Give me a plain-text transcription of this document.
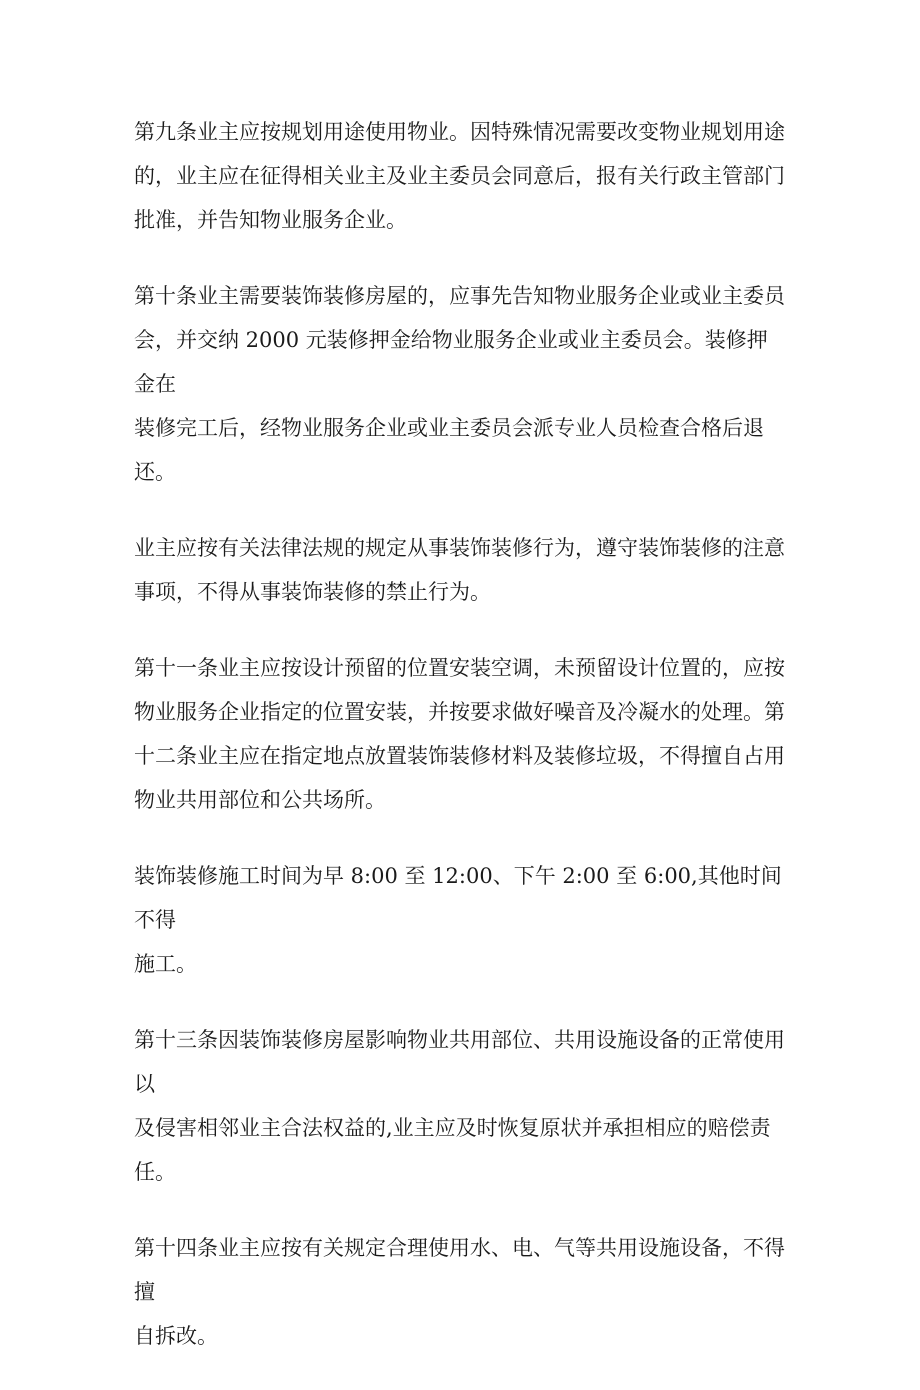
第九条业主应按规划用途使用物业。因特殊情况需要改变物业规划用途
的，业主应在征得相关业主及业主委员会同意后，报有关行政主管部门
批准，并告知物业服务企业。

第十条业主需要装饰装修房屋的，应事先告知物业服务企业或业主委员
会，并交纳 2000 元装修押金给物业服务企业或业主委员会。装修押金在
装修完工后，经物业服务企业或业主委员会派专业人员检查合格后退
还。

业主应按有关法律法规的规定从事装饰装修行为，遵守装饰装修的注意
事项，不得从事装饰装修的禁止行为。

第十一条业主应按设计预留的位置安装空调，未预留设计位置的，应按
物业服务企业指定的位置安装，并按要求做好噪音及冷凝水的处理。第
十二条业主应在指定地点放置装饰装修材料及装修垃圾，不得擅自占用
物业共用部位和公共场所。

装饰装修施工时间为早 8:00 至 12:00、下午 2:00 至 6:00,其他时间不得
施工。

第十三条因装饰装修房屋影响物业共用部位、共用设施设备的正常使用以
及侵害相邻业主合法权益的,业主应及时恢复原状并承担相应的赔偿责任。

第十四条业主应按有关规定合理使用水、电、气等共用设施设备，不得擅
自拆改。
